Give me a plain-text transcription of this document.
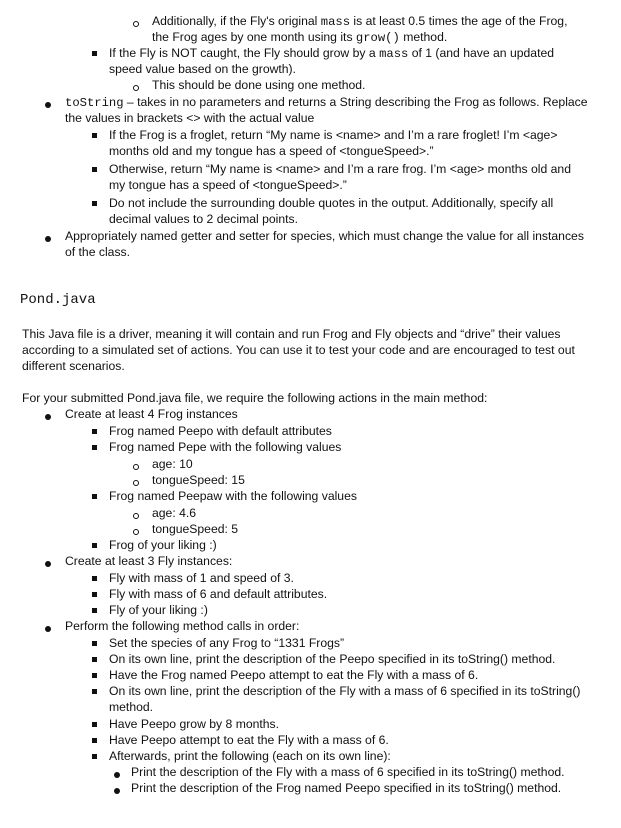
Additionally, if the Fly's original mass is at least 0.5 times the age of the Frog,
the Frog ages by one month using its grow() method.
If the Fly is NOT caught, the Fly should grow by a mass of 1 (and have an updated
speed value based on the growth).
This should be done using one method.
toString – takes in no parameters and returns a String describing the Frog as follows. Replace
the values in brackets <> with the actual value
If the Frog is a froglet, return “My name is <name> and I’m a rare froglet! I’m <age>
months old and my tongue has a speed of <tongueSpeed>.”
Otherwise, return “My name is <name> and I’m a rare frog. I’m <age> months old and
my tongue has a speed of <tongueSpeed>.”
Do not include the surrounding double quotes in the output. Additionally, specify all
decimal values to 2 decimal points.
Appropriately named getter and setter for species, which must change the value for all instances
of the class.
Pond.java
This Java file is a driver, meaning it will contain and run Frog and Fly objects and “drive” their values
according to a simulated set of actions. You can use it to test your code and are encouraged to test out
different scenarios.
For your submitted Pond.java file, we require the following actions in the main method:
Create at least 4 Frog instances
Frog named Peepo with default attributes
Frog named Pepe with the following values
age: 10
tongueSpeed: 15
Frog named Peepaw with the following values
age: 4.6
tongueSpeed: 5
Frog of your liking :)
Create at least 3 Fly instances:
Fly with mass of 1 and speed of 3.
Fly with mass of 6 and default attributes.
Fly of your liking :)
Perform the following method calls in order:
Set the species of any Frog to “1331 Frogs”
On its own line, print the description of the Peepo specified in its toString() method.
Have the Frog named Peepo attempt to eat the Fly with a mass of 6.
On its own line, print the description of the Fly with a mass of 6 specified in its toString()
method.
Have Peepo grow by 8 months.
Have Peepo attempt to eat the Fly with a mass of 6.
Afterwards, print the following (each on its own line):
Print the description of the Fly with a mass of 6 specified in its toString() method.
Print the description of the Frog named Peepo specified in its toString() method.
